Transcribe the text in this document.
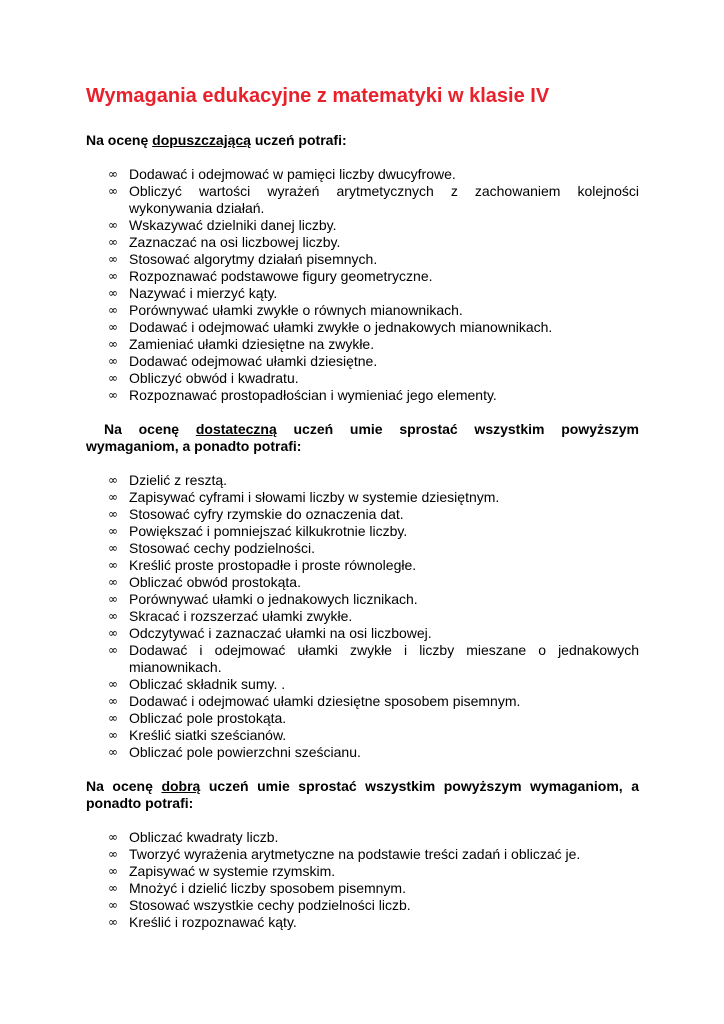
Wymagania edukacyjne z matematyki w klasie IV

Na ocenę dopuszczającą uczeń potrafi:

∞ Dodawać i odejmować w pamięci liczby dwucyfrowe.
∞ Obliczyć wartości wyrażeń arytmetycznych z zachowaniem kolejności wykonywania działań.
∞ Wskazywać dzielniki danej liczby.
∞ Zaznaczać na osi liczbowej liczby.
∞ Stosować algorytmy działań pisemnych.
∞ Rozpoznawać podstawowe figury geometryczne.
∞ Nazywać i mierzyć kąty.
∞ Porównywać ułamki zwykłe o równych mianownikach.
∞ Dodawać i odejmować ułamki zwykłe o jednakowych mianownikach.
∞ Zamieniać ułamki dziesiętne na zwykłe.
∞ Dodawać odejmować ułamki dziesiętne.
∞ Obliczyć obwód i kwadratu.
∞ Rozpoznawać prostopadłościan i wymieniać jego elementy.

Na ocenę dostateczną uczeń umie sprostać wszystkim powyższym wymaganiom, a ponadto potrafi:

∞ Dzielić z resztą.
∞ Zapisywać cyframi i słowami liczby w systemie dziesiętnym.
∞ Stosować cyfry rzymskie do oznaczenia dat.
∞ Powiększać i pomniejszać kilkukrotnie liczby.
∞ Stosować cechy podzielności.
∞ Kreślić proste prostopadłe i proste równoległe.
∞ Obliczać obwód prostokąta.
∞ Porównywać ułamki o jednakowych licznikach.
∞ Skracać i rozszerzać ułamki zwykłe.
∞ Odczytywać i zaznaczać ułamki na osi liczbowej.
∞ Dodawać i odejmować ułamki zwykłe i liczby mieszane o jednakowych mianownikach.
∞ Obliczać składnik sumy. .
∞ Dodawać i odejmować ułamki dziesiętne sposobem pisemnym.
∞ Obliczać pole prostokąta.
∞ Kreślić siatki sześcianów.
∞ Obliczać pole powierzchni sześcianu.

Na ocenę dobrą uczeń umie sprostać wszystkim powyższym wymaganiom, a ponadto potrafi:

∞ Obliczać kwadraty liczb.
∞ Tworzyć wyrażenia arytmetyczne na podstawie treści zadań i obliczać je.
∞ Zapisywać w systemie rzymskim.
∞ Mnożyć i dzielić liczby sposobem pisemnym.
∞ Stosować wszystkie cechy podzielności liczb.
∞ Kreślić i rozpoznawać kąty.
